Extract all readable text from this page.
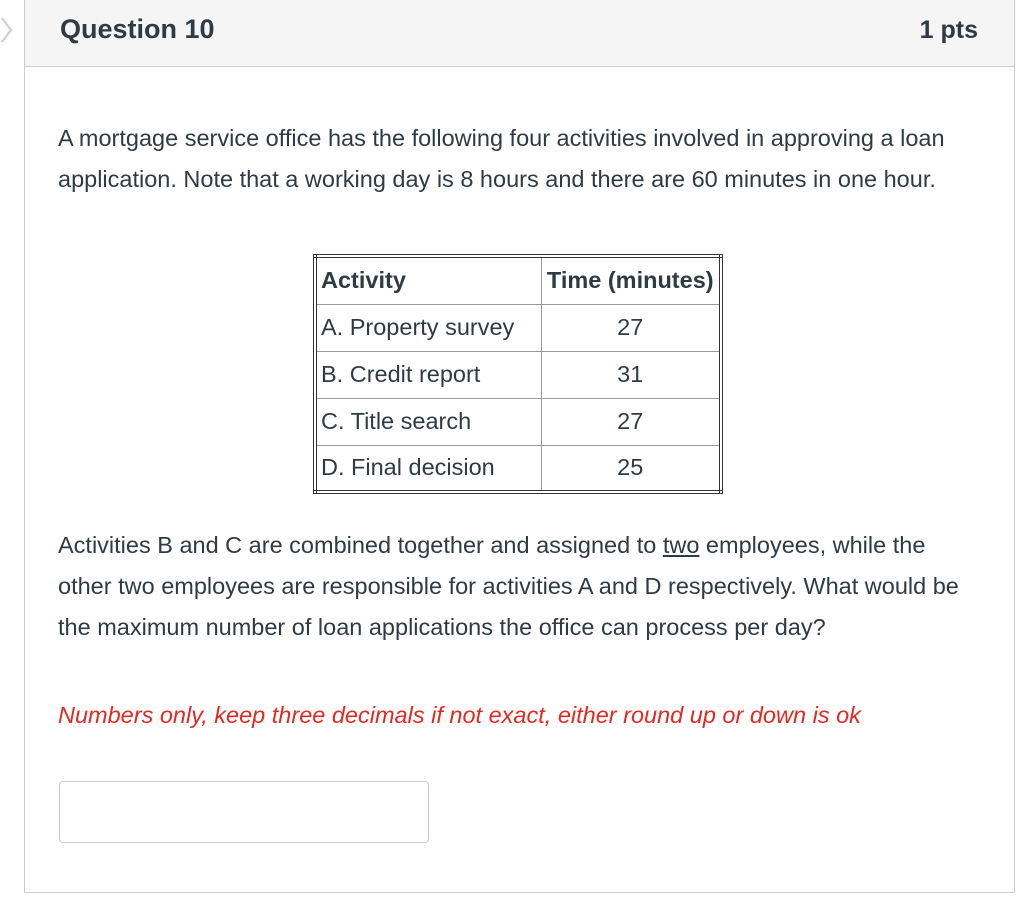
Question 10	1 pts
A mortgage service office has the following four activities involved in approving a loan application. Note that a working day is 8 hours and there are 60 minutes in one hour.
Activity	Time (minutes)
A. Property survey	27
B. Credit report	31
C. Title search	27
D. Final decision	25
Activities B and C are combined together and assigned to two employees, while the other two employees are responsible for activities A and D respectively. What would be the maximum number of loan applications the office can process per day?
Numbers only, keep three decimals if not exact, either round up or down is ok
